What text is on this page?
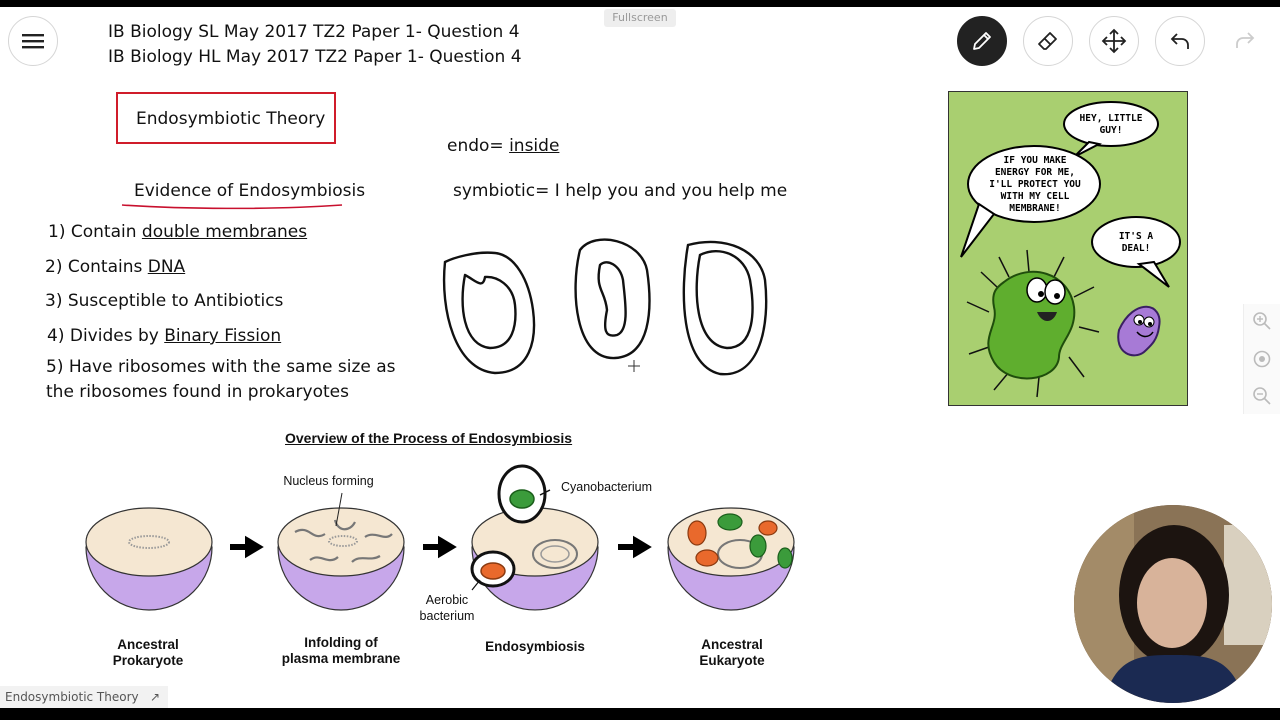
Fullscreen
IB Biology SL May 2017 TZ2 Paper 1- Question 4
IB Biology HL May 2017 TZ2 Paper 1- Question 4
Endosymbiotic Theory
Evidence of Endosymbiosis
1) Contain double membranes
2) Contains DNA
3) Susceptible to Antibiotics
4) Divides by Binary Fission
5) Have ribosomes with the same size as
the ribosomes found in prokaryotes
endo= inside
symbiotic= I help you and you help me
HEY, LITTLE
GUY!
IF YOU MAKE
ENERGY FOR ME,
I'LL PROTECT YOU
WITH MY CELL
MEMBRANE!
IT'S A
DEAL!
Overview of the Process of Endosymbiosis
Nucleus forming	Cyanobacterium
Aerobic
bacterium
Ancestral
Prokaryote
Infolding of
plasma membrane
Endosymbiosis	Ancestral
Eukaryote	1
PRO
Endosymbiotic Theory ↗
